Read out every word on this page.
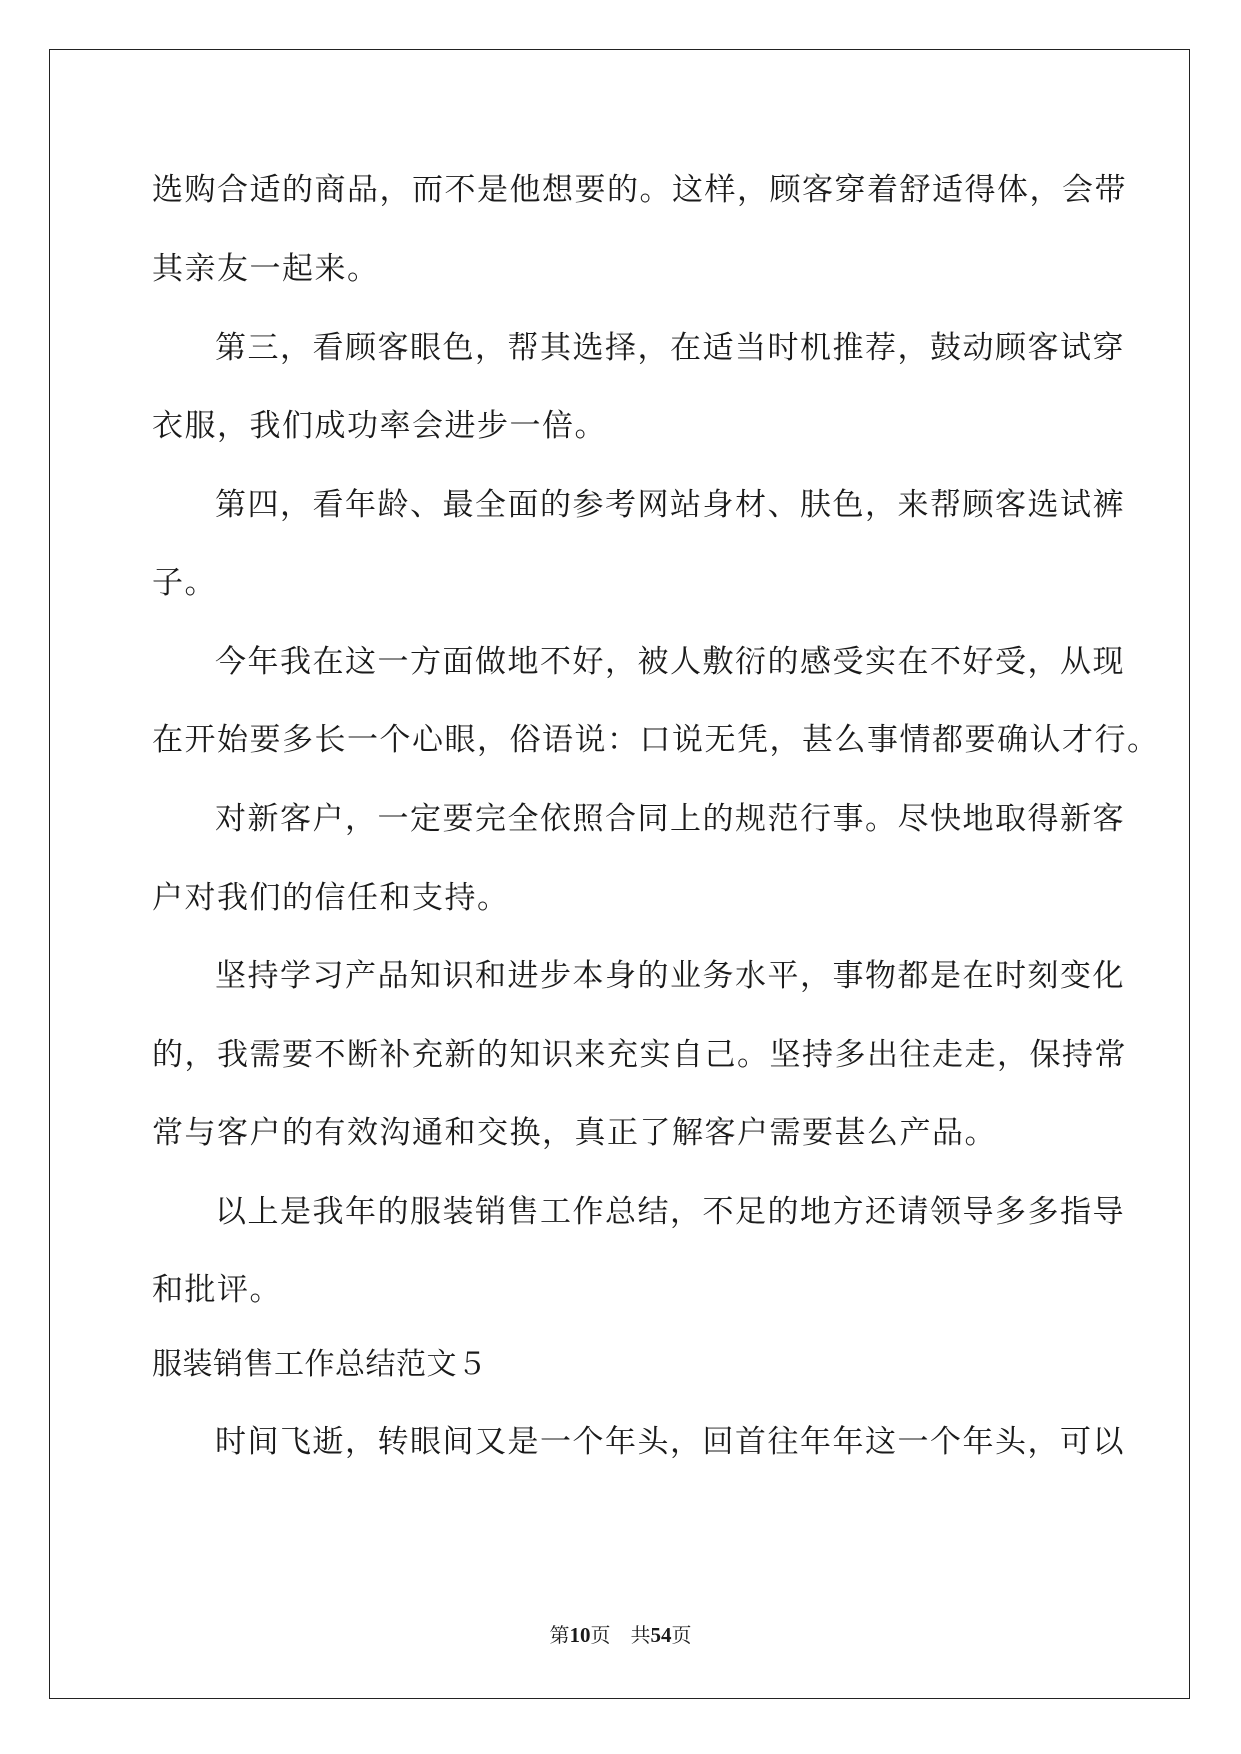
选购合适的商品，而不是他想要的。这样，顾客穿着舒适得体，会带
其亲友一起来。
第三，看顾客眼色，帮其选择，在适当时机推荐，鼓动顾客试穿
衣服，我们成功率会进步一倍。
第四，看年龄、最全面的参考网站身材、肤色，来帮顾客选试裤
子。
今年我在这一方面做地不好，被人敷衍的感受实在不好受，从现
在开始要多长一个心眼，俗语说：口说无凭，甚么事情都要确认才行。
对新客户，一定要完全依照合同上的规范行事。尽快地取得新客
户对我们的信任和支持。
坚持学习产品知识和进步本身的业务水平，事物都是在时刻变化
的，我需要不断补充新的知识来充实自己。坚持多出往走走，保持常
常与客户的有效沟通和交换，真正了解客户需要甚么产品。
以上是我年的服装销售工作总结，不足的地方还请领导多多指导
和批评。
服装销售工作总结范文５
时间飞逝，转眼间又是一个年头，回首往年年这一个年头，可以
第10页　共54页
